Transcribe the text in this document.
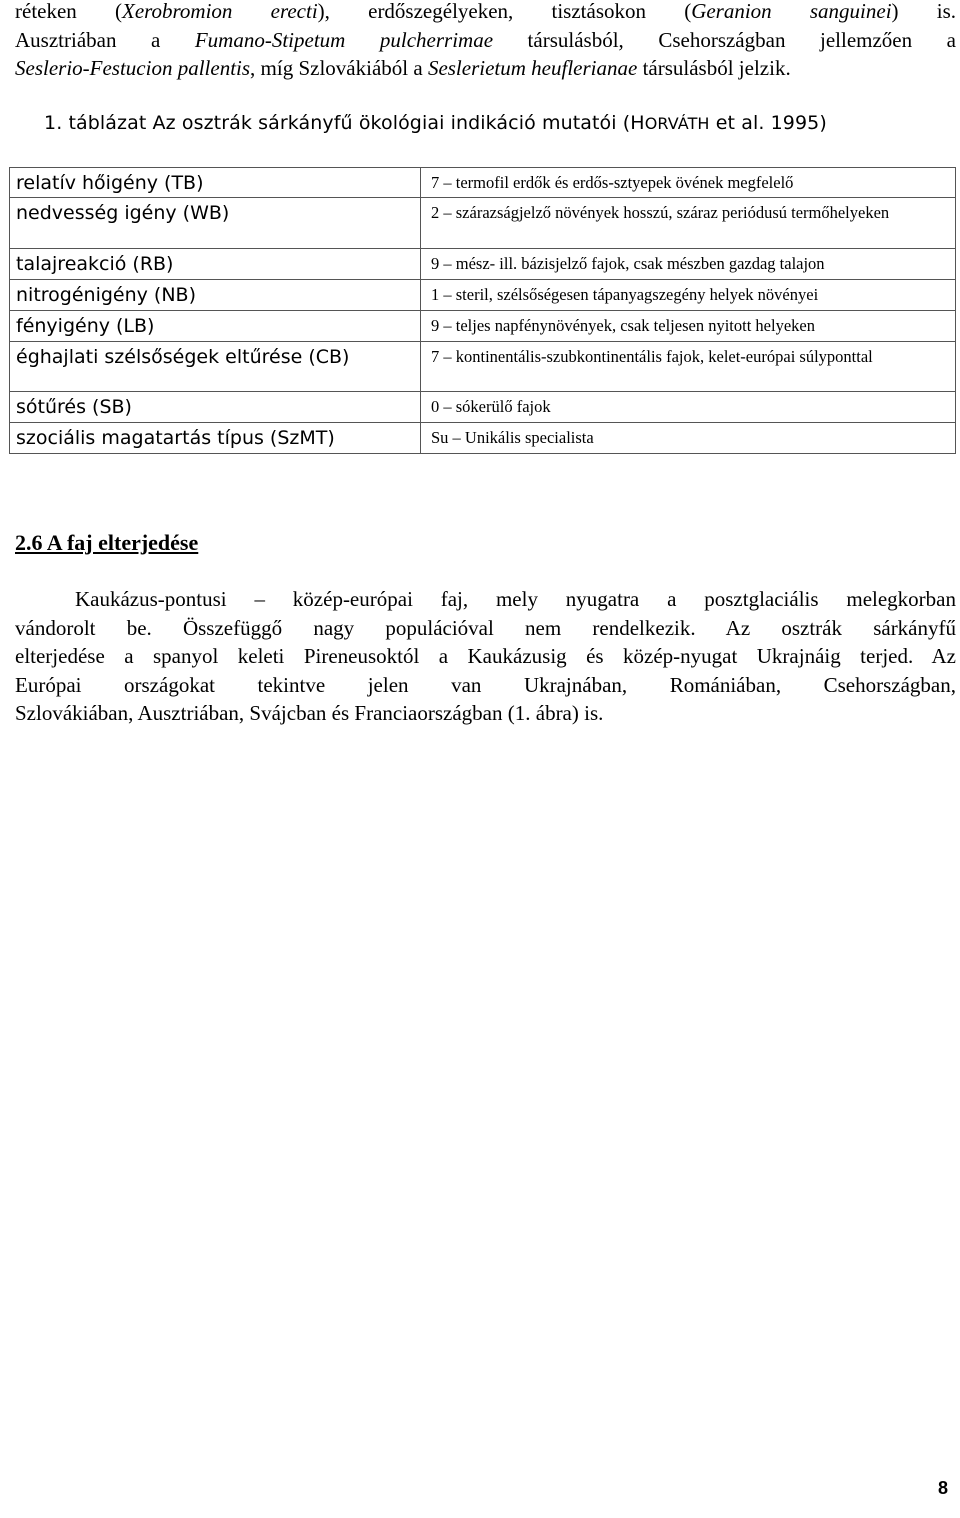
réteken (Xerobromion erecti), erdőszegélyeken, tisztásokon (Geranion sanguinei) is.
Ausztriában a Fumano-Stipetum pulcherrimae társulásból, Csehországban jellemzően a
Seslerio-Festucion pallentis, míg Szlovákiából a Seslerietum heuflerianae társulásból jelzik.

1. táblázat Az osztrák sárkányfű ökológiai indikáció mutatói (HORVÁTH et al. 1995)

relatív hőigény (TB)	7 – termofil erdők és erdős-sztyepek övének megfelelő
nedvesség igény (WB)	2 – szárazságjelző növények hosszú, száraz periódusú termőhelyeken
talajreakció (RB)	9 – mész- ill. bázisjelző fajok, csak mészben gazdag talajon
nitrogénigény (NB)	1 – steril, szélsőségesen tápanyagszegény helyek növényei
fényigény (LB)	9 – teljes napfénynövények, csak teljesen nyitott helyeken
éghajlati szélsőségek eltűrése (CB)	7 – kontinentális-szubkontinentális fajok, kelet-európai súlyponttal
sótűrés (SB)	0 – sókerülő fajok
szociális magatartás típus (SzMT)	Su – Unikális specialista
2.6 A faj elterjedése

Kaukázus-pontusi – közép-európai faj, mely nyugatra a posztglaciális melegkorban
vándorolt be. Összefüggő nagy populációval nem rendelkezik. Az osztrák sárkányfű
elterjedése a spanyol keleti Pireneusoktól a Kaukázusig és közép-nyugat Ukrajnáig terjed. Az
Európai országokat tekintve jelen van Ukrajnában, Romániában, Csehországban,
Szlovákiában, Ausztriában, Svájcban és Franciaországban (1. ábra) is.

8
